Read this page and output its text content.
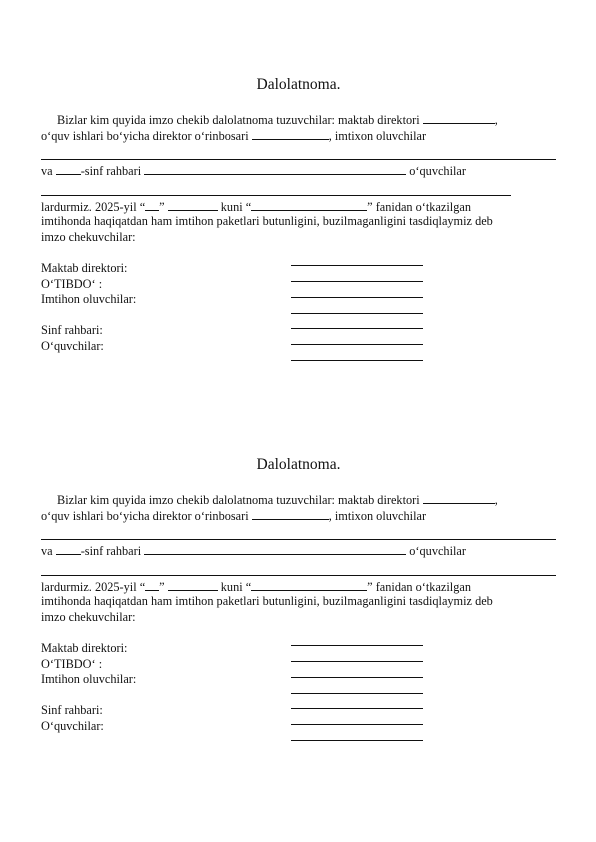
Dalolatnoma.
Bizlar kim quyida imzo chekib dalolatnoma tuzuvchilar: maktab direktori	,
o‘quv ishlari bo‘yicha direktor o‘rinbosari	, imtixon oluvchilar
va -sinf rahbari	o‘quvchilar
lardurmiz. 2025-yil “ ”	kuni “	” fanidan o‘tkazilgan
imtihonda haqiqatdan ham imtihon paketlari butunligini, buzilmaganligini tasdiqlaymiz deb
imzo chekuvchilar:
Maktab direktori:
O‘TIBDO‘ :
Imtihon oluvchilar:
Sinf rahbari:
O‘quvchilar:
Dalolatnoma.
Bizlar kim quyida imzo chekib dalolatnoma tuzuvchilar: maktab direktori	,
o‘quv ishlari bo‘yicha direktor o‘rinbosari	, imtixon oluvchilar
va -sinf rahbari	o‘quvchilar
lardurmiz. 2025-yil “ ”	kuni “	” fanidan o‘tkazilgan
imtihonda haqiqatdan ham imtihon paketlari butunligini, buzilmaganligini tasdiqlaymiz deb
imzo chekuvchilar:
Maktab direktori:
O‘TIBDO‘ :
Imtihon oluvchilar:
Sinf rahbari:
O‘quvchilar:
